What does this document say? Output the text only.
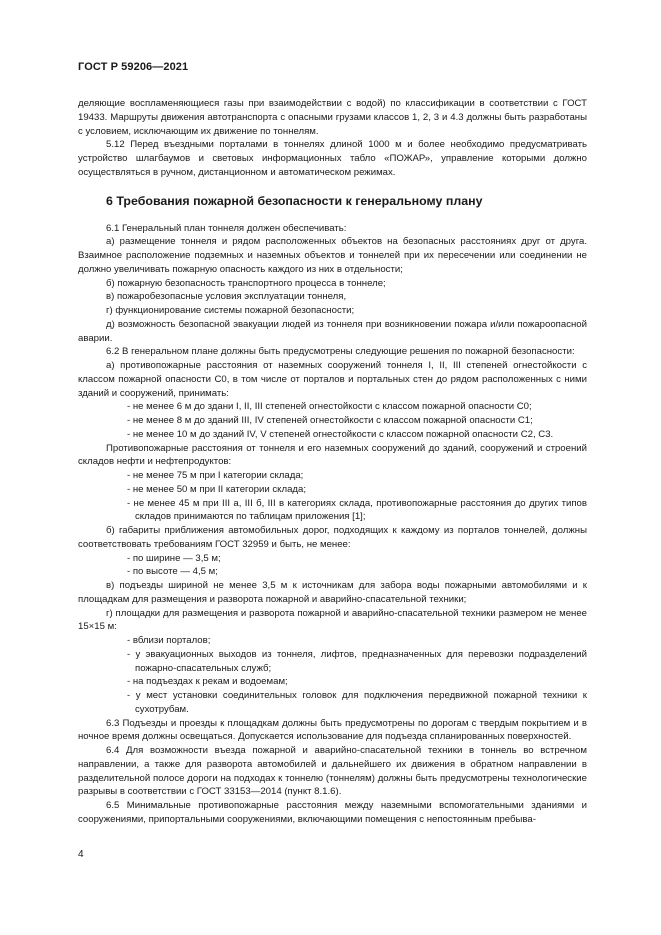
ГОСТ Р 59206—2021

деляющие воспламеняющиеся газы при взаимодействии с водой) по классификации в соответствии с ГОСТ 19433. Маршруты движения автотранспорта с опасными грузами классов 1, 2, 3 и 4.3 должны быть разработаны с условием, исключающим их движение по тоннелям.

5.12 Перед въездными порталами в тоннелях длиной 1000 м и более необходимо предусматривать устройство шлагбаумов и световых информационных табло «ПОЖАР», управление которыми должно осуществляться в ручном, дистанционном и автоматическом режимах.

6 Требования пожарной безопасности к генеральному плану

6.1 Генеральный план тоннеля должен обеспечивать:

а) размещение тоннеля и рядом расположенных объектов на безопасных расстояниях друг от друга. Взаимное расположение подземных и наземных объектов и тоннелей при их пересечении или соединении не должно увеличивать пожарную опасность каждого из них в отдельности;

б) пожарную безопасность транспортного процесса в тоннеле;

в) пожаробезопасные условия эксплуатации тоннеля,

г) функционирование системы пожарной безопасности;

д) возможность безопасной эвакуации людей из тоннеля при возникновении пожара и/или пожароопасной аварии.

6.2 В генеральном плане должны быть предусмотрены следующие решения по пожарной безопасности:

а) противопожарные расстояния от наземных сооружений тоннеля I, II, III степеней огнестойкости с классом пожарной опасности С0, в том числе от порталов и портальных стен до рядом расположенных с ними зданий и сооружений, принимать:

- не менее 6 м до здани I, II, III степеней огнестойкости с классом пожарной опасности С0;

- не менее 8 м до зданий III, IV степеней огнестойкости с классом пожарной опасности С1;

- не менее 10 м до зданий IV, V степеней огнестойкости с классом пожарной опасности С2, С3.

Противопожарные расстояния от тоннеля и его наземных сооружений до зданий, сооружений и строений складов нефти и нефтепродуктов:

- не менее 75 м при I категории склада;

- не менее 50 м при II категории склада;

- не менее 45 м при III а, III б, III в категориях склада, противопожарные расстояния до других типов складов принимаются по таблицам приложения [1];

б) габариты приближения автомобильных дорог, подходящих к каждому из порталов тоннелей, должны соответствовать требованиям ГОСТ 32959 и быть, не менее:

- по ширине — 3,5 м;

- по высоте — 4,5 м;

в) подъезды шириной не менее 3,5 м к источникам для забора воды пожарными автомобилями и к площадкам для размещения и разворота пожарной и аварийно-спасательной техники;

г) площадки для размещения и разворота пожарной и аварийно-спасательной техники размером не менее 15×15 м:

- вблизи порталов;

- у эвакуационных выходов из тоннеля, лифтов, предназначенных для перевозки подразделений пожарно-спасательных служб;

- на подъездах к рекам и водоемам;

- у мест установки соединительных головок для подключения передвижной пожарной техники к сухотрубам.

6.3 Подъезды и проезды к площадкам должны быть предусмотрены по дорогам с твердым покрытием и в ночное время должны освещаться. Допускается использование для подъезда спланированных поверхностей.

6.4 Для возможности въезда пожарной и аварийно-спасательной техники в тоннель во встречном направлении, а также для разворота автомобилей и дальнейшего их движения в обратном направлении в разделительной полосе дороги на подходах к тоннелю (тоннелям) должны быть предусмотрены технологические разрывы в соответствии с ГОСТ 33153—2014 (пункт 8.1.6).

6.5 Минимальные противопожарные расстояния между наземными вспомогательными зданиями и сооружениями, припортальными сооружениями, включающими помещения с непостоянным пребыва-

4
